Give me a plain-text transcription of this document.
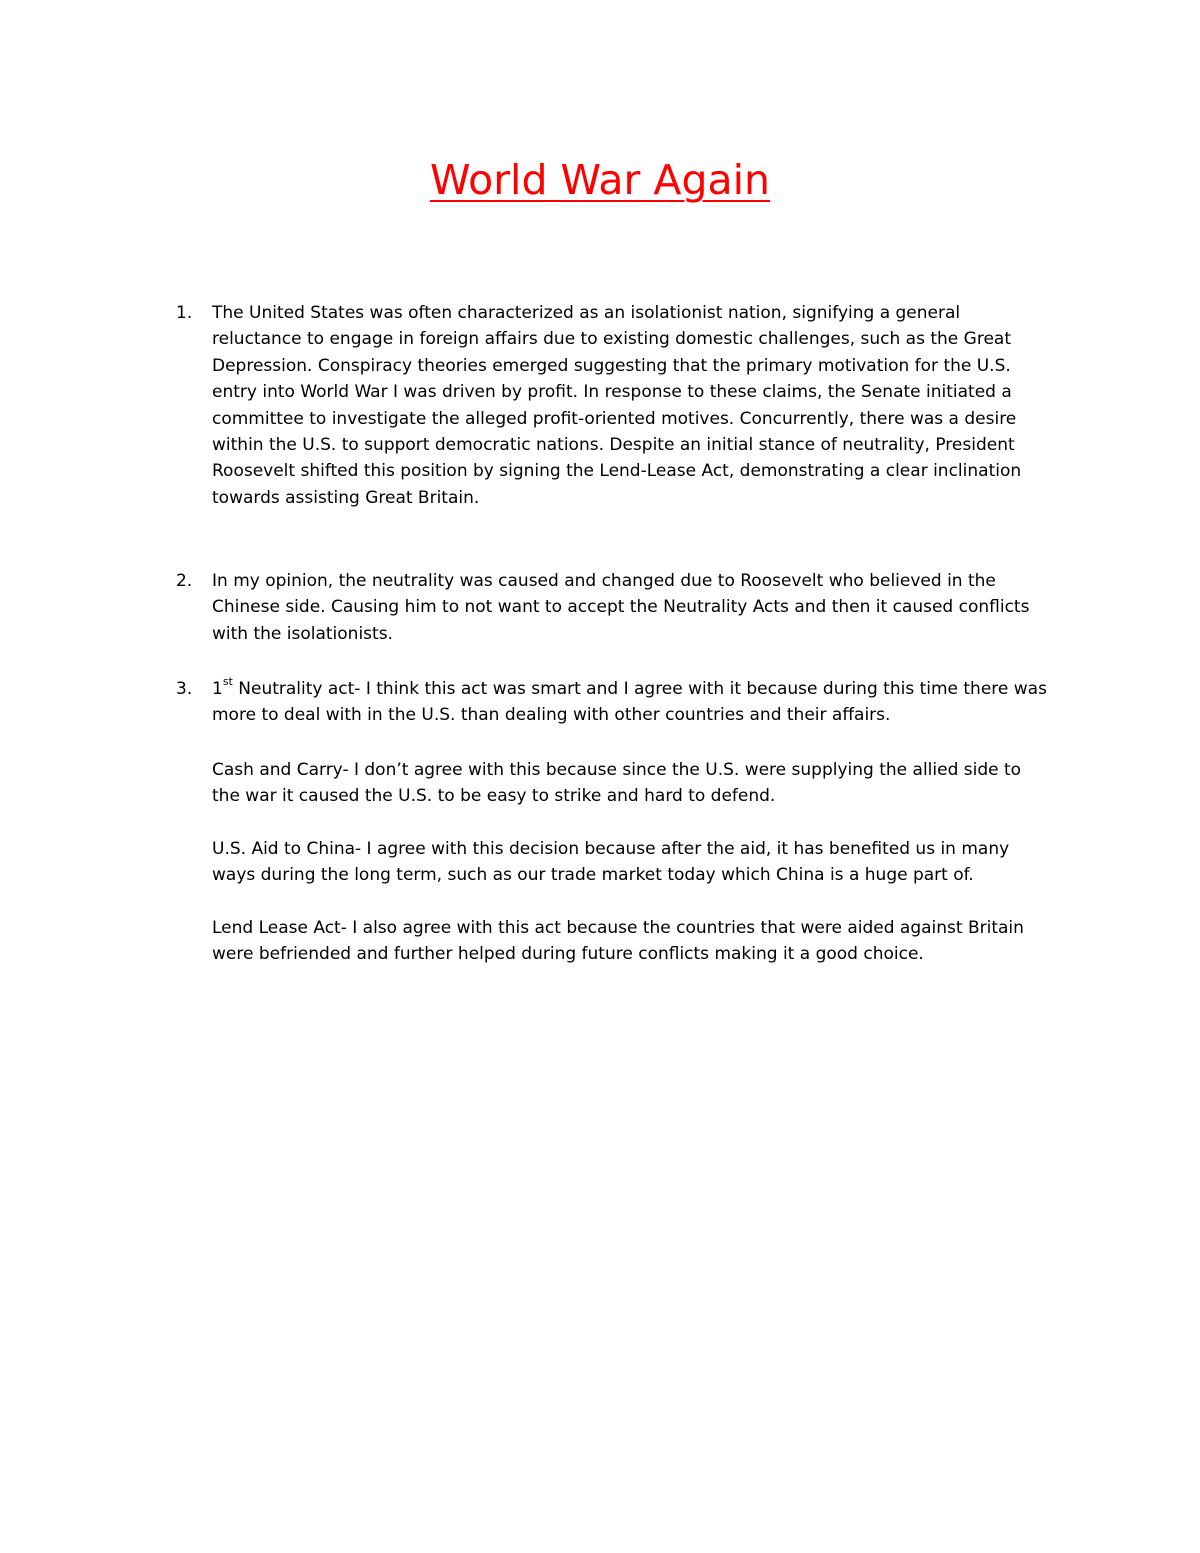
World War Again
1.	The United States was often characterized as an isolationist nation, signifying a general
reluctance to engage in foreign affairs due to existing domestic challenges, such as the Great
Depression. Conspiracy theories emerged suggesting that the primary motivation for the U.S.
entry into World War I was driven by profit. In response to these claims, the Senate initiated a
committee to investigate the alleged profit-oriented motives. Concurrently, there was a desire
within the U.S. to support democratic nations. Despite an initial stance of neutrality, President
Roosevelt shifted this position by signing the Lend-Lease Act, demonstrating a clear inclination
towards assisting Great Britain.
2.	In my opinion, the neutrality was caused and changed due to Roosevelt who believed in the
Chinese side. Causing him to not want to accept the Neutrality Acts and then it caused conflicts
with the isolationists.
3.	1st Neutrality act- I think this act was smart and I agree with it because during this time there was
more to deal with in the U.S. than dealing with other countries and their affairs.
Cash and Carry- I don’t agree with this because since the U.S. were supplying the allied side to
the war it caused the U.S. to be easy to strike and hard to defend.
U.S. Aid to China- I agree with this decision because after the aid, it has benefited us in many
ways during the long term, such as our trade market today which China is a huge part of.
Lend Lease Act- I also agree with this act because the countries that were aided against Britain
were befriended and further helped during future conflicts making it a good choice.
